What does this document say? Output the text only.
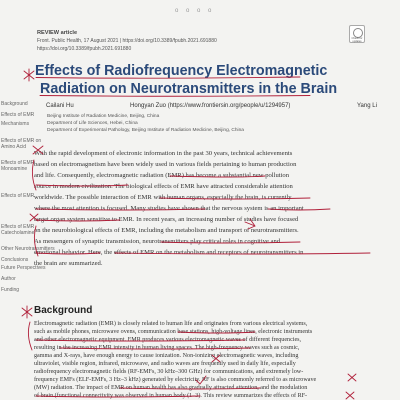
o o o o
REVIEW article
Front. Public Health, 17 August 2021 | https://doi.org/10.3389/fpubh.2021.691880
https://doi.org/10.3389/fpubh.2021.691880
Check for updates
Effects of Radiofrequency Electromagnetic
Radiation on Neurotransmitters in the Brain
Background	Cailani Hu	Hongyan Zuo (https://www.frontiersin.org/people/u/1294957)	Yang Li
Effects of EMR	Beijing Institute of Radiation Medicine, Beijing, China
Mechanisms	Department of Life Sciences, Hebei, China
Department of Experimental Pathology, Beijing Institute of Radiation Medicine, Beijing, China
Effects of EMR on
Amino Acid
Effects of EMR
Monoamine
Effects of EMR
Effects of EMR
Catecholamine
Other Neurotransmitters
Conclusions
Future Perspectives
Author
Funding
With the rapid development of electronic information in the past 30 years, technical achievements
based on electromagnetism have been widely used in various fields pertaining to human production
and life. Consequently, electromagnetic radiation (EMR) has become a substantial new pollution
source in modern civilization. The biological effects of EMR have attracted considerable attention
worldwide. The possible interaction of EMR with human organs, especially the brain, is currently
where the most attention is focused. Many studies have shown that the nervous system is an important
target organ system sensitive to EMR. In recent years, an increasing number of studies have focused
on the neurobiological effects of EMR, including the metabolism and transport of neurotransmitters.
As messengers of synaptic transmission, neurotransmitters play critical roles in cognitive and
emotional behavior. Here, the effects of EMR on the metabolism and receptors of neurotransmitters in
the brain are summarized.
Background
Electromagnetic radiation (EMR) is closely related to human life and originates from various electrical systems,
such as mobile phones, microwave ovens, communication base stations, high-voltage lines, electronic instruments
and other electromagnetic equipment. EMR produces various electromagnetic waves of different frequencies,
resulting in the increasing EMR intensity in human living spaces. The high-frequency waves such as cosmic,
gamma and X-rays, have enough energy to cause ionization. Non-ionizing electromagnetic waves, including
ultraviolet, visible region, infrared, microwave, and radio waves are frequently used in daily life, especially
radiofrequency electromagnetic fields (RF-EMFs, 30 kHz–300 GHz) for communications, and extremely low-
frequency EMFs (ELF-EMFs, 3 Hz–3 kHz) generated by electricity. RF is also commonly referred to as microwave
(MW) radiation. The impact of EMR on human health has also gradually attracted attention, and the modulation
of brain (functional connectivity was observed in human body (1–3). This review summarizes the effects of RF-
